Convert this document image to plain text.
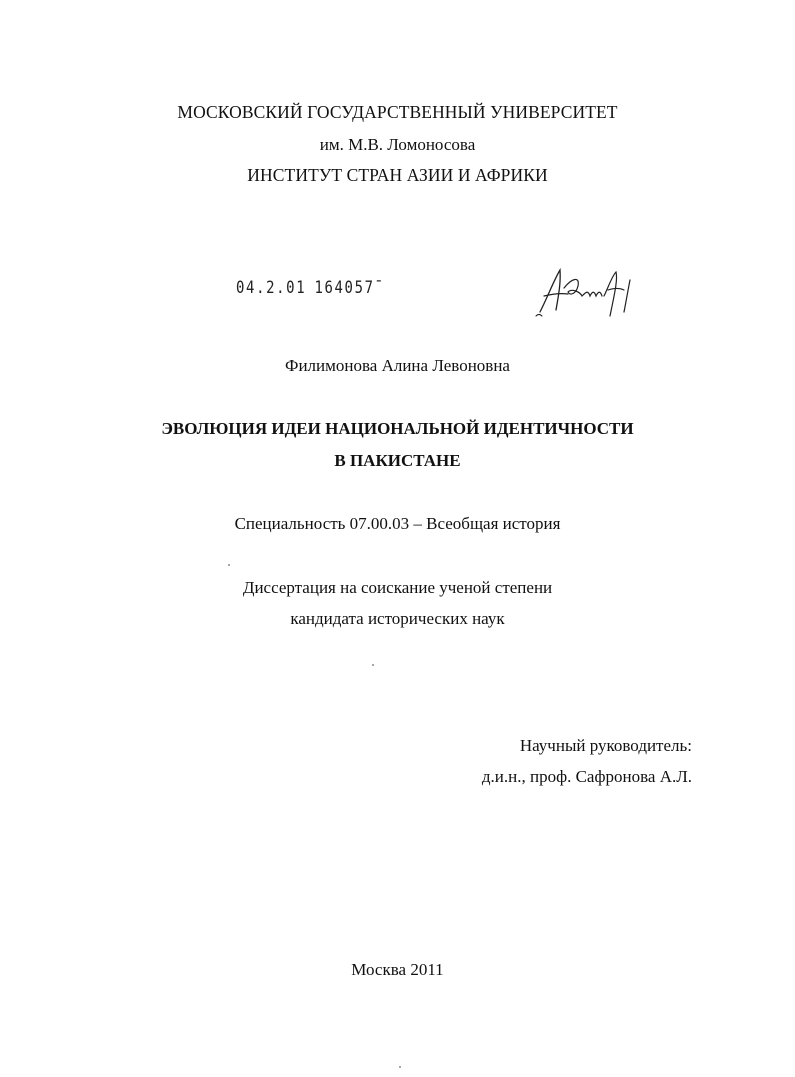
МОСКОВСКИЙ ГОСУДАРСТВЕННЫЙ УНИВЕРСИТЕТ
им. М.В. Ломоносова
ИНСТИТУТ СТРАН АЗИИ И АФРИКИ
04.2.01 164057¯
Филимонова Алина Левоновна
ЭВОЛЮЦИЯ ИДЕИ НАЦИОНАЛЬНОЙ ИДЕНТИЧНОСТИ
В ПАКИСТАНЕ
Специальность 07.00.03 – Всеобщая история
Диссертация на соискание ученой степени
кандидата исторических наук
Научный руководитель:
д.и.н., проф. Сафронова А.Л.
Москва 2011
